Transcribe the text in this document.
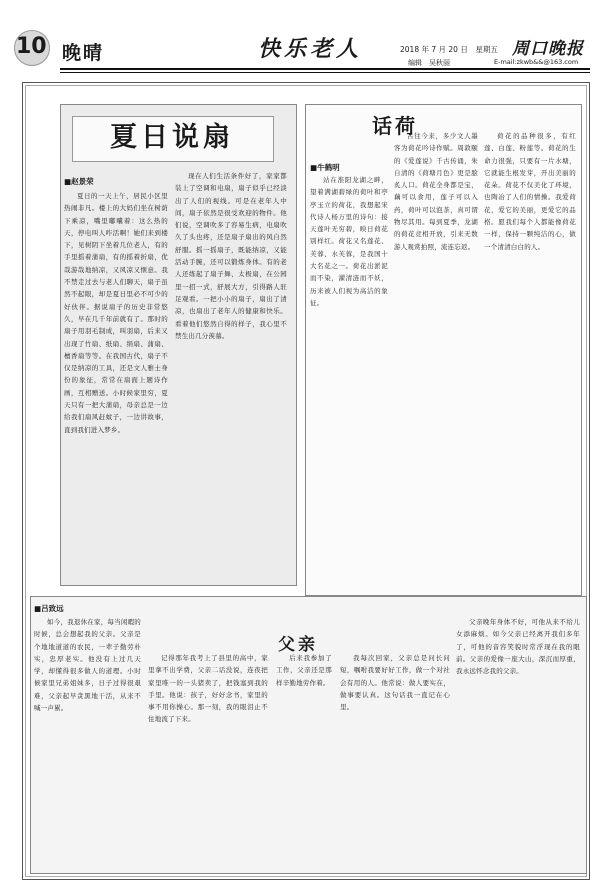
10 晚晴	快乐老人	2018 年 7 月 20 日　星期五 周口晚报
编辑　吴秋丽	E-mail:zkwb&&@163.com
夏日说扇
■赵景荣

夏日的一天上午，居民小区里热闹非凡。楼上的大妈们坐在树荫下乘凉，嘴里嘟囔着：这么热的天，停电叫人咋活啊！她们来到楼下，见树阴下坐着几位老人，有的手里摇着蒲扇，有的摇着折扇，优哉游哉地纳凉，又风凉又惬意。我不禁走过去与老人们聊天，扇子虽然不起眼，却是夏日里必不可少的好伙伴。据说扇子的历史非常悠久，早在几千年前就有了。那时的扇子用羽毛制成，叫羽扇，后来又出现了竹扇、纸扇、绢扇、蒲扇、檀香扇等等。在我国古代，扇子不仅是纳凉的工具，还是文人雅士身份的象征，常常在扇面上题诗作画，互相赠送。小时候家里穷，夏天只有一把大蒲扇，母亲总是一边给我们扇风赶蚊子，一边讲故事，直到我们进入梦乡。

现在人们生活条件好了，家家都装上了空调和电扇，扇子似乎已经淡出了人们的视线。可是在老年人中间，扇子依然是很受欢迎的物件。他们说，空调吹多了容易生病，电扇吹久了头也疼，还是扇子扇出的风自然舒服。摇一摇扇子，既能纳凉，又能活动手腕，还可以锻炼身体。有的老人还练起了扇子舞、太极扇，在公园里一招一式，舒展大方，引得路人驻足观看。一把小小的扇子，扇出了清凉，也扇出了老年人的健康和快乐。看着他们悠然自得的样子，我心里不禁生出几分羡慕。

话荷
■牛鹤明

站在淮阳龙湖之畔，望着满湖碧绿的荷叶和亭亭玉立的荷花，我想起宋代诗人杨万里的诗句：接天莲叶无穷碧，映日荷花别样红。荷花又名莲花、芙蓉、水芙蓉，是我国十大名花之一。荷花出淤泥而不染，濯清涟而不妖，历来被人们视为高洁的象征。

古往今来，多少文人墨客为荷花吟诗作赋。周敦颐的《爱莲说》千古传诵，朱自清的《荷塘月色》更是脍炙人口。荷花全身都是宝，藕可以食用，莲子可以入药，荷叶可以泡茶，真可谓物尽其用。每到夏季，龙湖的荷花竞相开放，引来无数游人观赏拍照，流连忘返。

荷花的品种很多，有红莲、白莲、粉莲等。荷花的生命力很强，只要有一片水塘，它就能生根发芽，开出美丽的花朵。荷花不仅美化了环境，也陶冶了人们的情操。我爱荷花，爱它的美丽，更爱它的品格。愿我们每个人都能像荷花一样，保持一颗纯洁的心，做一个清清白白的人。

父亲
■吕致远

如今，我退休在家，每当闲暇的时候，总会想起我的父亲。父亲是个地地道道的农民，一辈子勤劳朴实，忠厚老实。他没有上过几天学，却懂得很多做人的道理。小时候家里兄弟姐妹多，日子过得很艰难，父亲起早贪黑地干活，从来不喊一声累。

记得那年我考上了县里的高中，家里拿不出学费，父亲二话没说，连夜把家里唯一的一头猪卖了，把钱塞到我的手里。他说：孩子，好好念书，家里的事不用你操心。那一刻，我的眼泪止不住地流了下来。

后来我参加了工作，父亲还是那样辛勤地劳作着。

我每次回家，父亲总是问长问短，嘱咐我要好好工作，做一个对社会有用的人。他常说：做人要实在，做事要认真。这句话我一直记在心里。

父亲晚年身体不好，可他从来不给儿女添麻烦。如今父亲已经离开我们多年了，可他的音容笑貌时常浮现在我的眼前。父亲的爱像一座大山，深沉而厚重，我永远怀念我的父亲。
